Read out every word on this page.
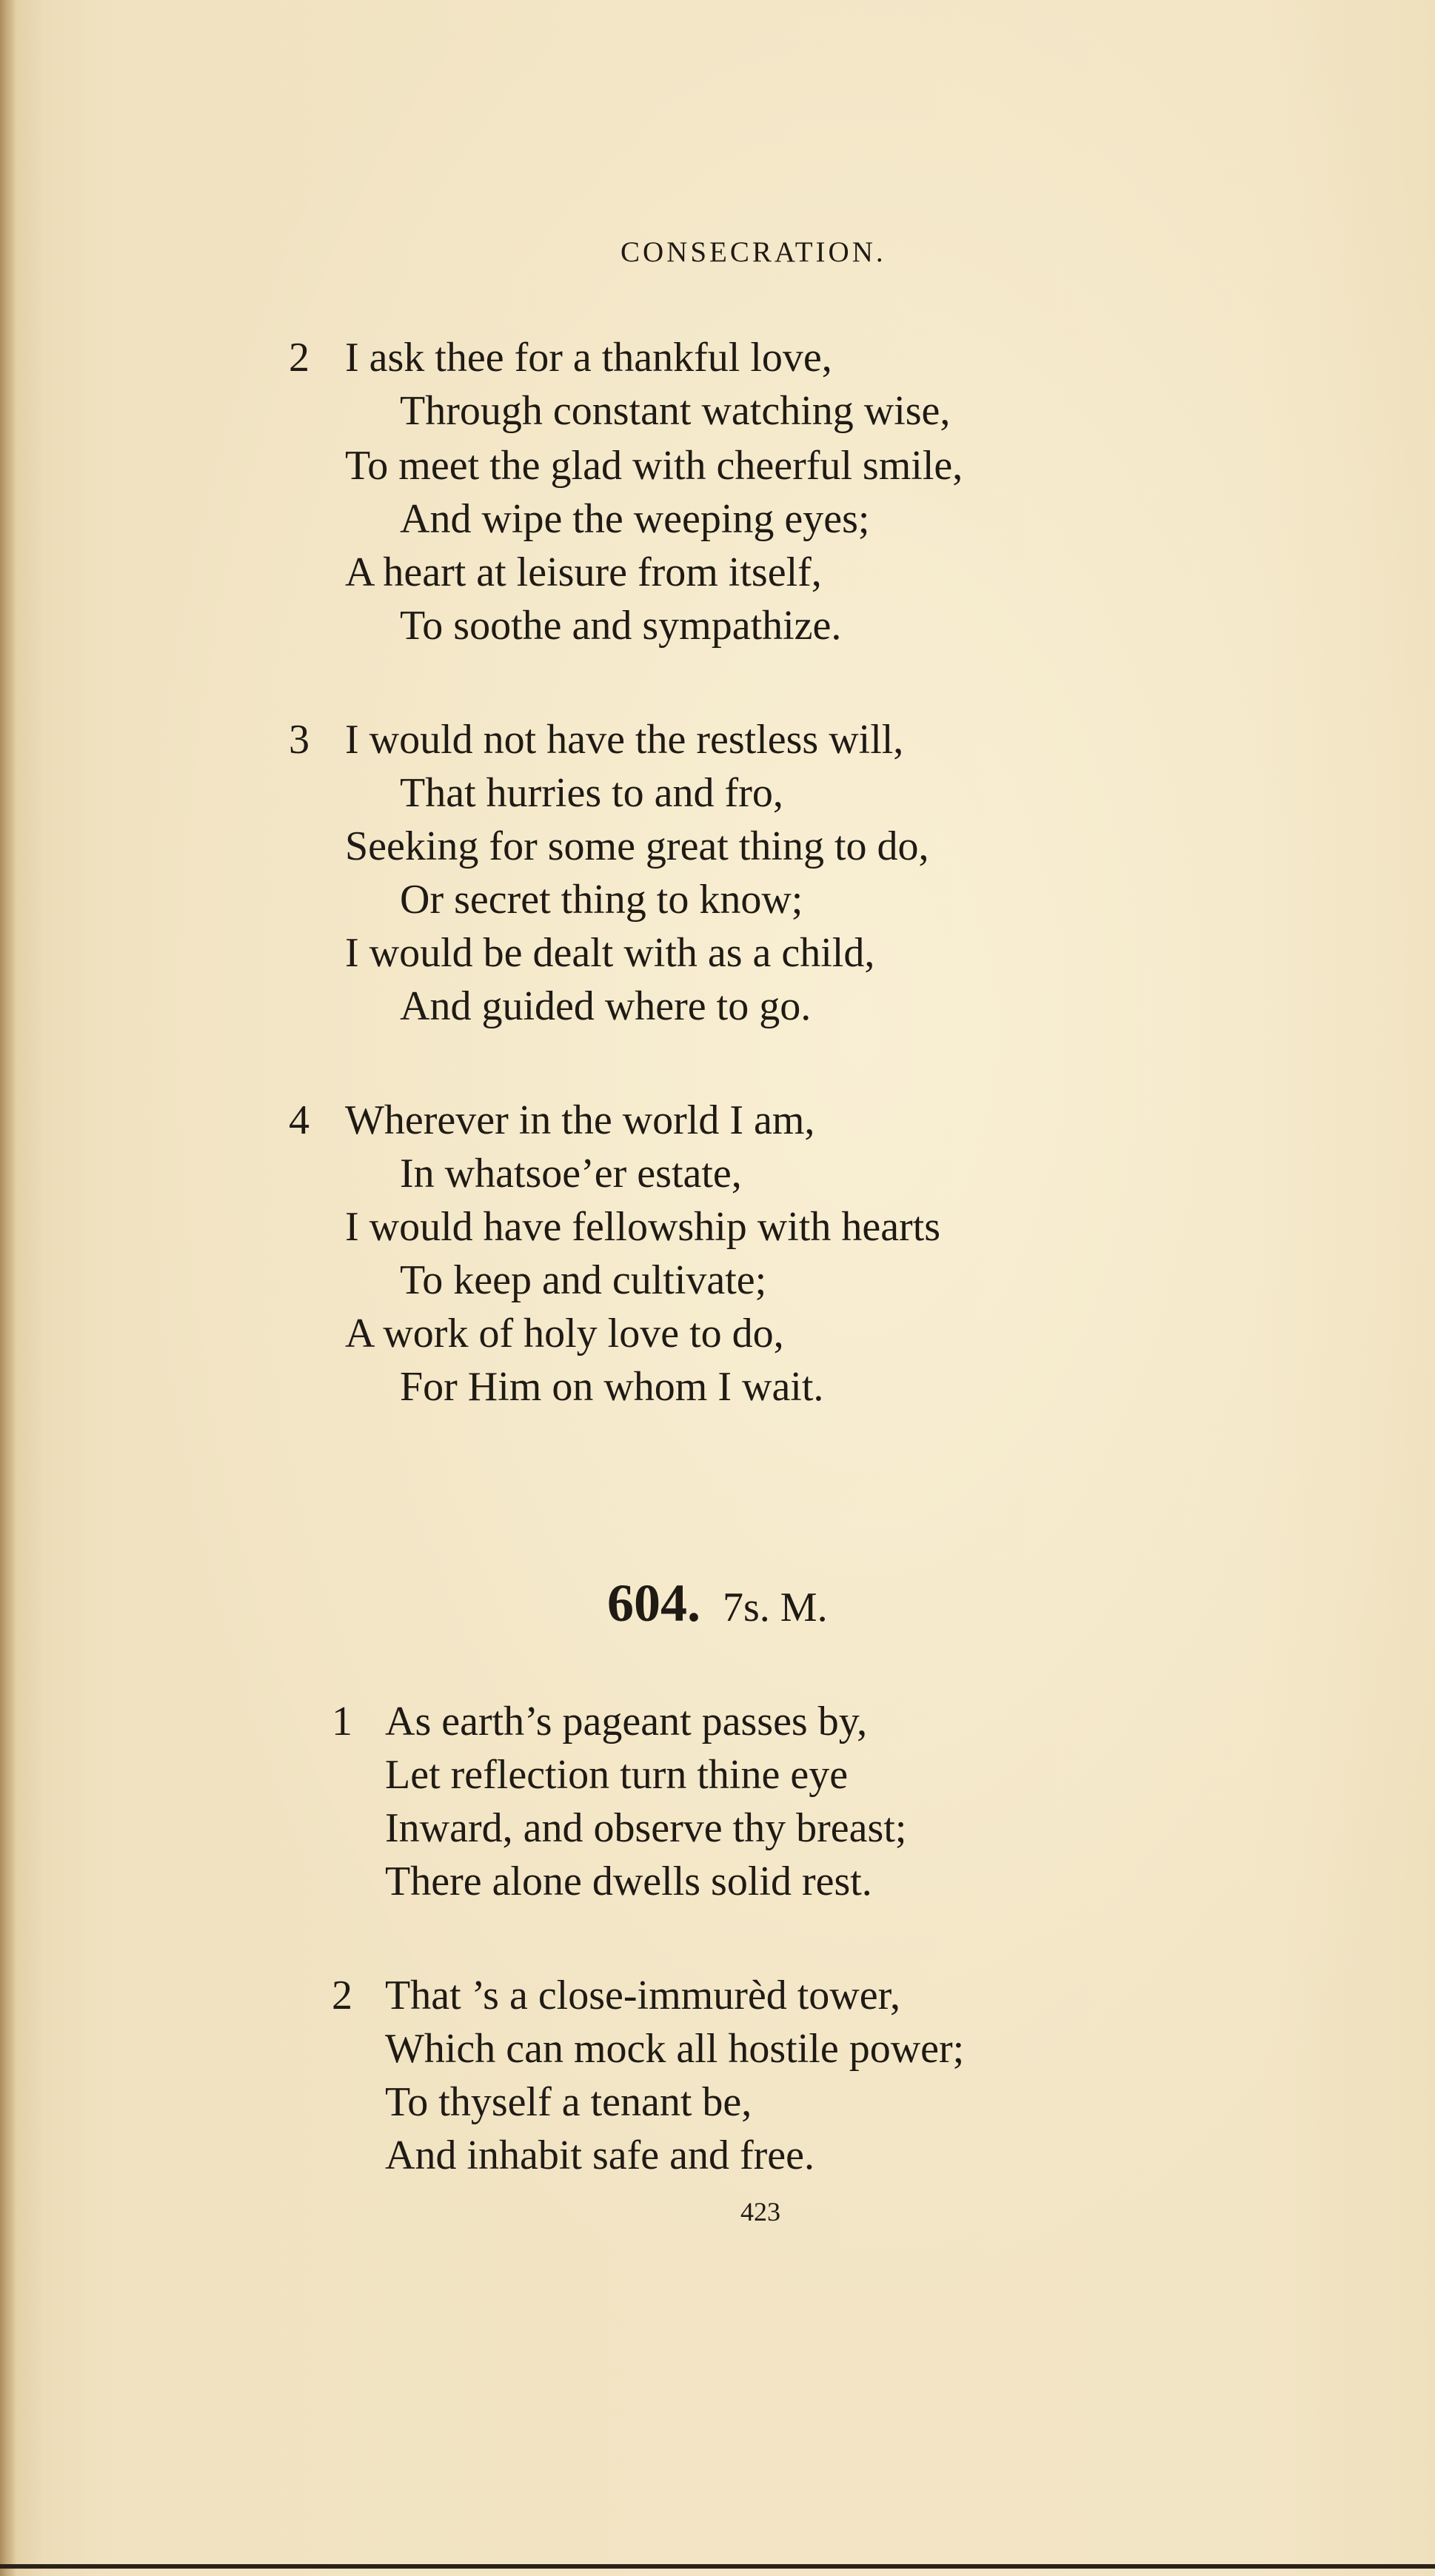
CONSECRATION.
2 I ask thee for a thankful love,
Through constant watching wise,
To meet the glad with cheerful smile,
And wipe the weeping eyes;
A heart at leisure from itself,
To soothe and sympathize.
3 I would not have the restless will,
That hurries to and fro,
Seeking for some great thing to do,
Or secret thing to know;
I would be dealt with as a child,
And guided where to go.
4 Wherever in the world I am,
In whatsoe’er estate,
I would have fellowship with hearts
To keep and cultivate;
A work of holy love to do,
For Him on whom I wait.
604. 7s. M.
1 As earth’s pageant passes by,
Let reflection turn thine eye
Inward, and observe thy breast;
There alone dwells solid rest.
2 That ’s a close-immurèd tower,
Which can mock all hostile power;
To thyself a tenant be,
And inhabit safe and free.
423
